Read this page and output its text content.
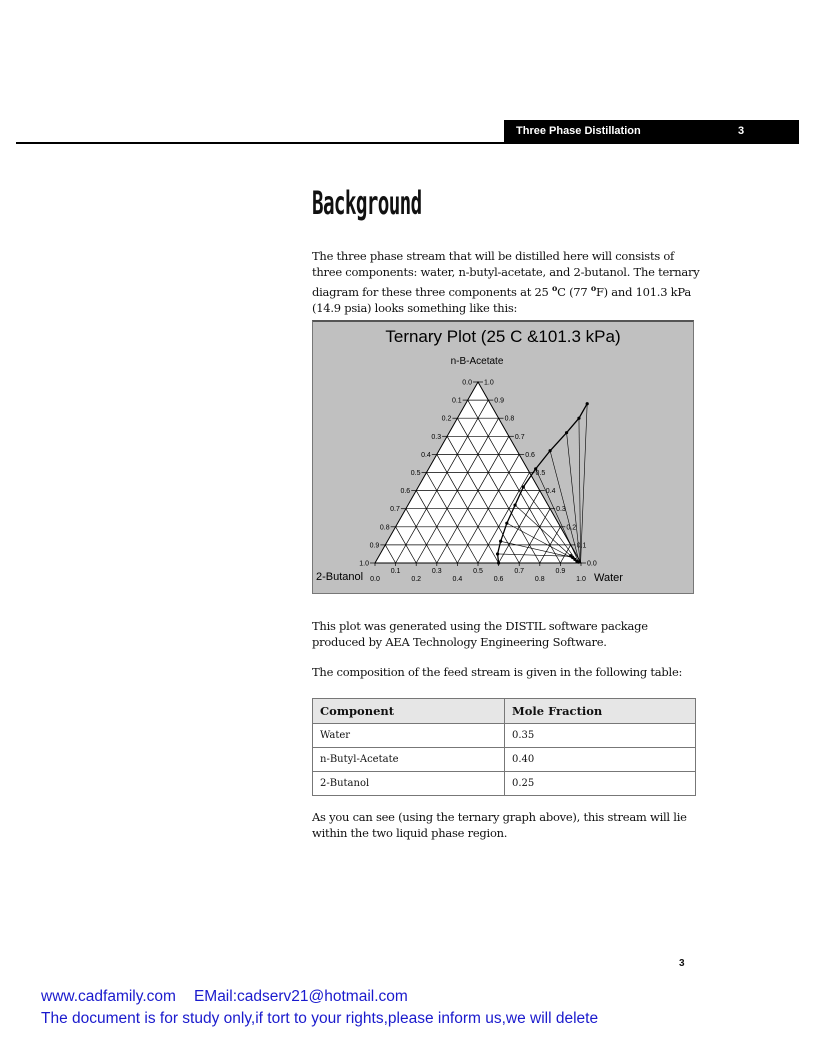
Three Phase Distillation	3
Background

The three phase stream that will be distilled here will consists of three components: water, n-butyl-acetate, and 2-butanol. The ternary diagram for these three components at 25 $^o$C (77 $^o$F) and 101.3 kPa (14.9 psia) looks something like this:

Ternary Plot (25 C &101.3 kPa)
n-B-Acetate
2-Butanol	Water
0.0
0.1
0.2
0.3
0.4
0.5
0.6
0.7
0.8
0.9
1.0
1.0
0.9
0.8
0.7
0.6
0.5
0.4
0.3
0.2
0.1
0.0
0.0
0.1
0.2
0.3
0.4
0.5
0.6
0.7
0.8
0.9
1.0

This plot was generated using the DISTIL software package produced by AEA Technology Engineering Software.

The composition of the feed stream is given in the following table:

Component	Mole Fraction
Water	0.35
n-Butyl-Acetate	0.40
2-Butanol	0.25

As you can see (using the ternary graph above), this stream will lie within the two liquid phase region.

3
www.cadfamily.com EMail:cadserv21@hotmail.com
The document is for study only,if tort to your rights,please inform us,we will delete
